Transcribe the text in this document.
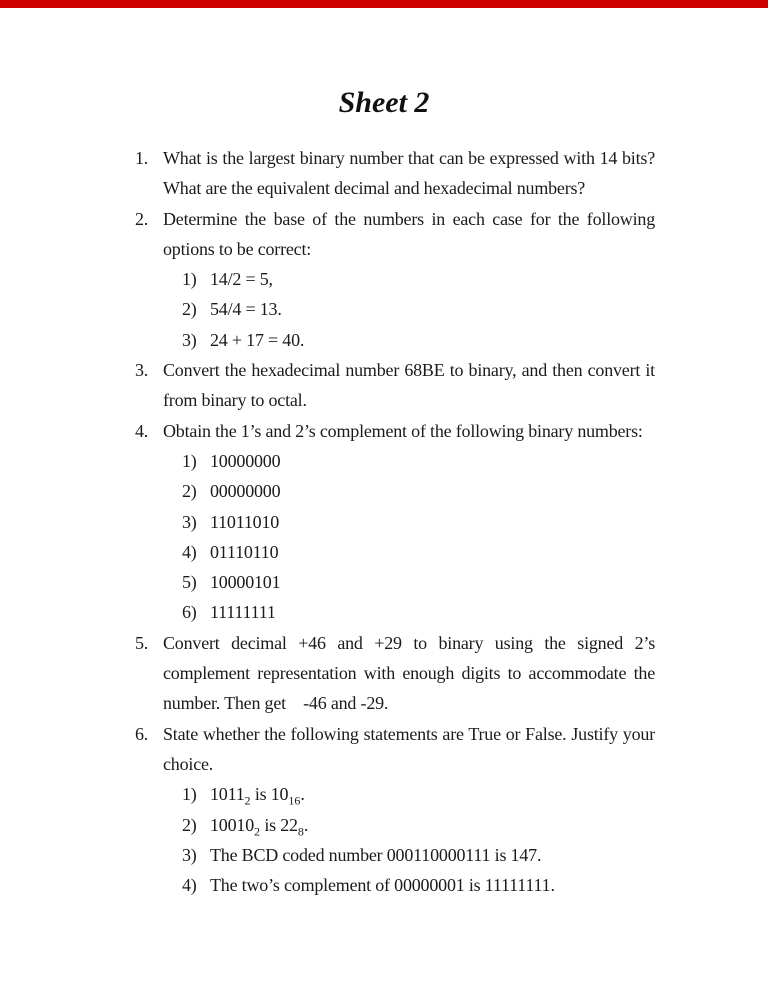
Sheet 2
1. What is the largest binary number that can be expressed with 14 bits?
What are the equivalent decimal and hexadecimal numbers?
2. Determine the base of the numbers in each case for the following
options to be correct:
1) 14/2 = 5,
2) 54/4 = 13.
3) 24 + 17 = 40.
3. Convert the hexadecimal number 68BE to binary, and then convert it
from binary to octal.
4. Obtain the 1’s and 2’s complement of the following binary numbers:
1) 10000000
2) 00000000
3) 11011010
4) 01110110
5) 10000101
6) 11111111
5. Convert decimal +46 and +29 to binary using the signed 2’s
complement representation with enough digits to accommodate the
number. Then get    -46 and -29.
6. State whether the following statements are True or False. Justify your
choice.
1) $1011_2$ is $10_{16}$.
2) $10010_2$ is $22_8$.
3) The BCD coded number 000110000111 is 147.
4) The two’s complement of 00000001 is 11111111.
